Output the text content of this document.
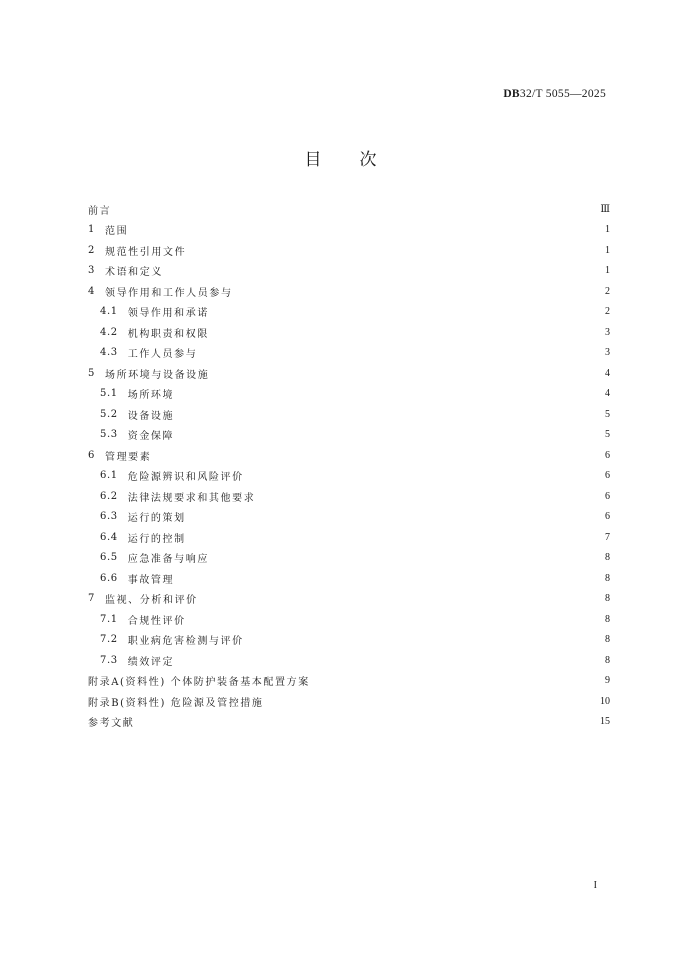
DB32/T 5055—2025
目次
前言	Ⅲ
1 范围	1
2 规范性引用文件	1
3 术语和定义	1
4 领导作用和工作人员参与	2
4.1 领导作用和承诺	2
4.2 机构职责和权限	3
4.3 工作人员参与	3
5 场所环境与设备设施	4
5.1 场所环境	4
5.2 设备设施	5
5.3 资金保障	5
6 管理要素	6
6.1 危险源辨识和风险评价	6
6.2 法律法规要求和其他要求	6
6.3 运行的策划	6
6.4 运行的控制	7
6.5 应急准备与响应	8
6.6 事故管理	8
7 监视、分析和评价	8
7.1 合规性评价	8
7.2 职业病危害检测与评价	8
7.3 绩效评定	8
附录A(资料性) 个体防护装备基本配置方案	9
附录B(资料性) 危险源及管控措施	10
参考文献	15
I
